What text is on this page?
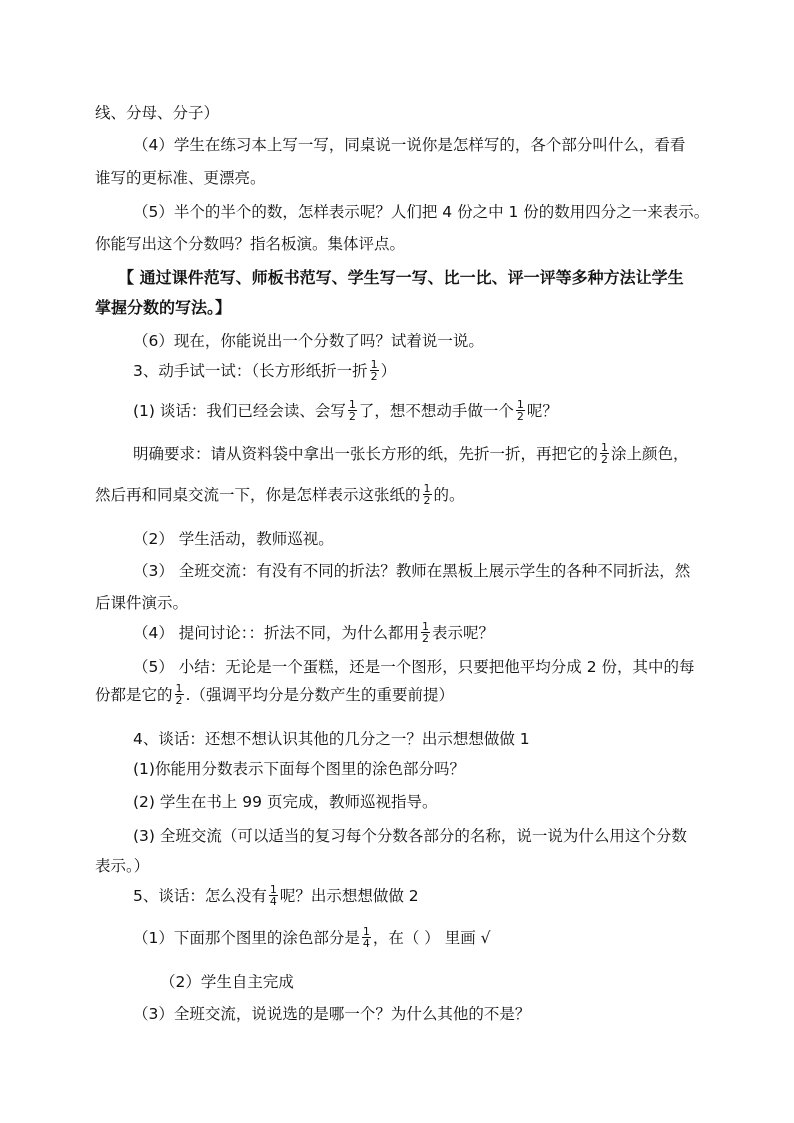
线、分母、分子）
（4）学生在练习本上写一写，同桌说一说你是怎样写的，各个部分叫什么，看看
谁写的更标准、更漂亮。
（5）半个的半个的数，怎样表示呢？人们把 4 份之中 1 份的数用四分之一来表示。
你能写出这个分数吗？指名板演。集体评点。
【 通过课件范写、师板书范写、学生写一写、比一比、评一评等多种方法让学生
掌握分数的写法。】
（6）现在，你能说出一个分数了吗？试着说一说。
3、动手试一试：（长方形纸折一折 $\frac{1}{2}$ ）
(1) 谈话：我们已经会读、会写 $\frac{1}{2}$ 了，想不想动手做一个 $\frac{1}{2}$ 呢？
明确要求：请从资料袋中拿出一张长方形的纸，先折一折，再把它的 $\frac{1}{2}$ 涂上颜色，
然后再和同桌交流一下，你是怎样表示这张纸的 $\frac{1}{2}$ 的。
（2） 学生活动，教师巡视。
（3） 全班交流：有没有不同的折法？教师在黑板上展示学生的各种不同折法，然
后课件演示。
（4） 提问讨论：：折法不同，为什么都用 $\frac{1}{2}$ 表示呢？
（5） 小结：无论是一个蛋糕，还是一个图形，只要把他平均分成 2 份，其中的每
份都是它的 $\frac{1}{2}$ .（强调平均分是分数产生的重要前提）
4、谈话：还想不想认识其他的几分之一？出示想想做做 1
(1)你能用分数表示下面每个图里的涂色部分吗？
(2) 学生在书上 99 页完成，教师巡视指导。
(3) 全班交流（可以适当的复习每个分数各部分的名称，说一说为什么用这个分数
表示。）
5、谈话：怎么没有 $\frac{1}{4}$ 呢？出示想想做做 2
（1）下面那个图里的涂色部分是 $\frac{1}{4}$ ，在（ ） 里画 √
（2）学生自主完成
（3）全班交流，说说选的是哪一个？为什么其他的不是？
